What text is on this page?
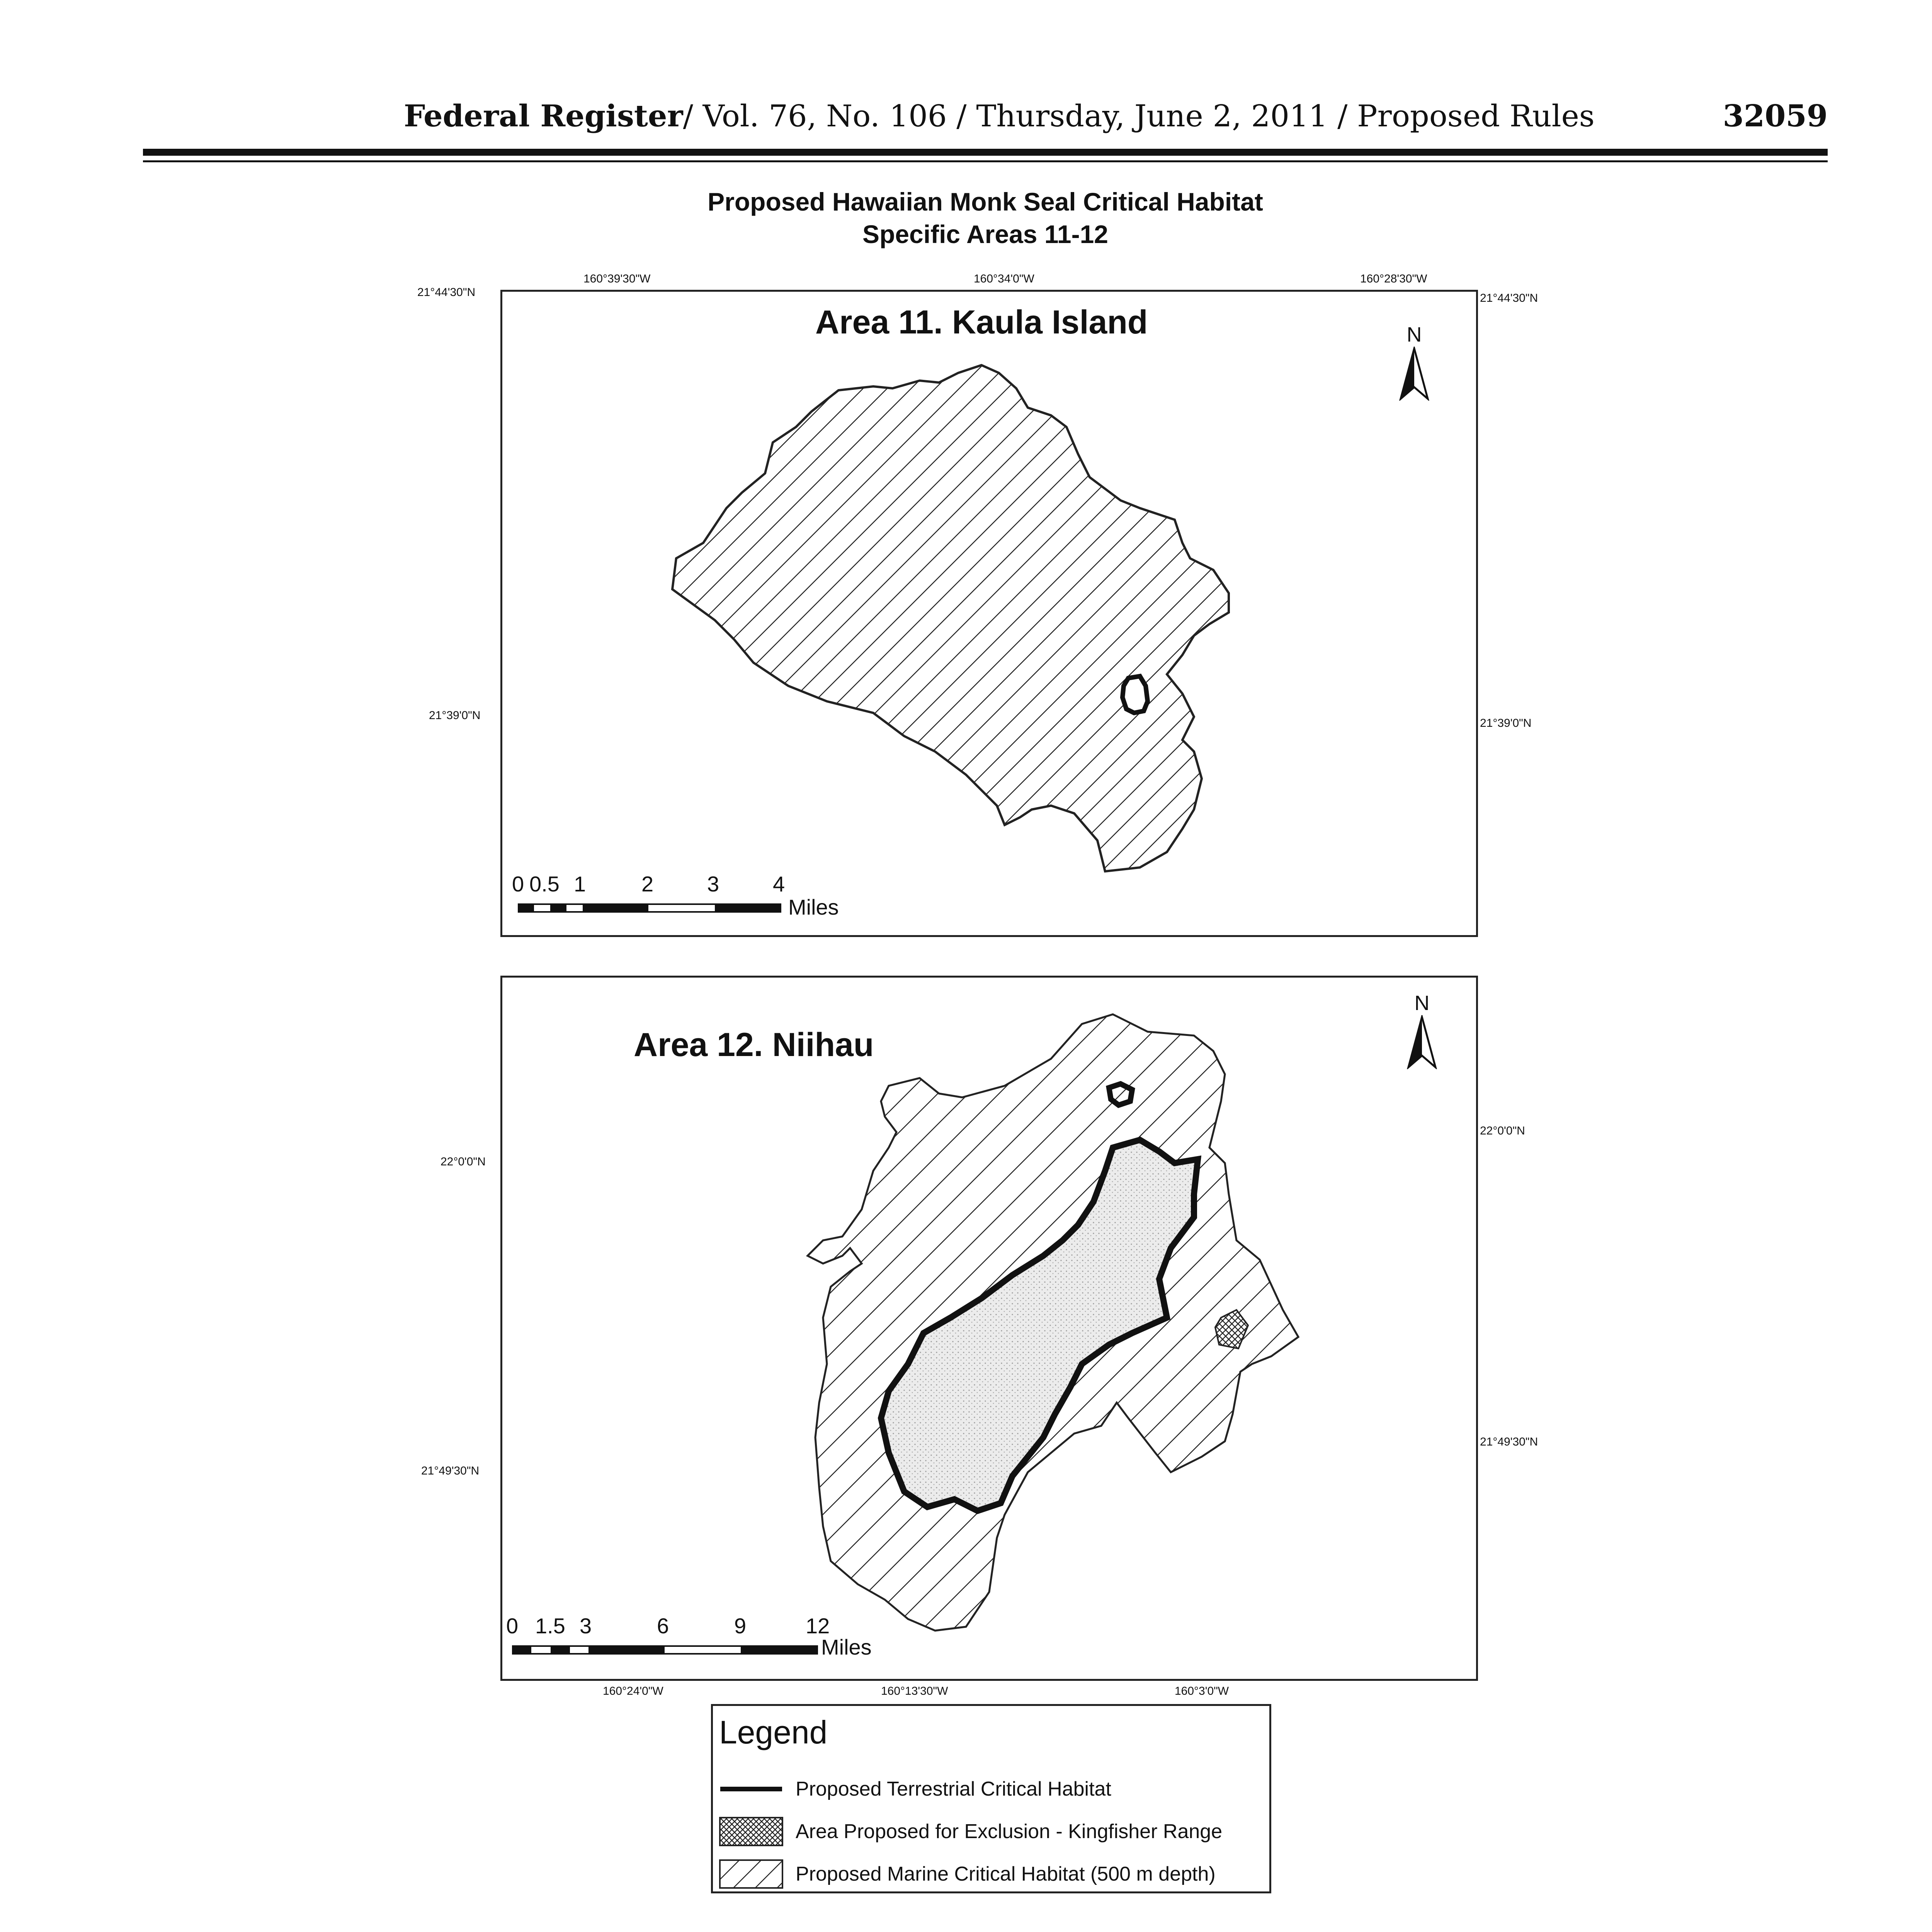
Federal Register/ Vol. 76, No. 106 / Thursday, June 2, 2011 / Proposed Rules	32059
Proposed Hawaiian Monk Seal Critical Habitat
Specific Areas 11-12
160°39'30"W	160°34'0"W	160°28'30"W
21°44'30"N
21°39'0"N
21°44'30"N
21°39'0"N
Area 11. Kaula Island	N
0 0.5 1	2 3 4
Miles
22°0'0"N
21°49'30"N
22°0'0"N
21°49'30"N
160°24'0"W	160°13'30"W	160°3'0"W
Area 12. Niihau
N
0 1.5 3	6	9	12
Miles
Legend
Proposed Terrestrial Critical Habitat
Area Proposed for Exclusion - Kingfisher Range
Proposed Marine Critical Habitat (500 m depth)
